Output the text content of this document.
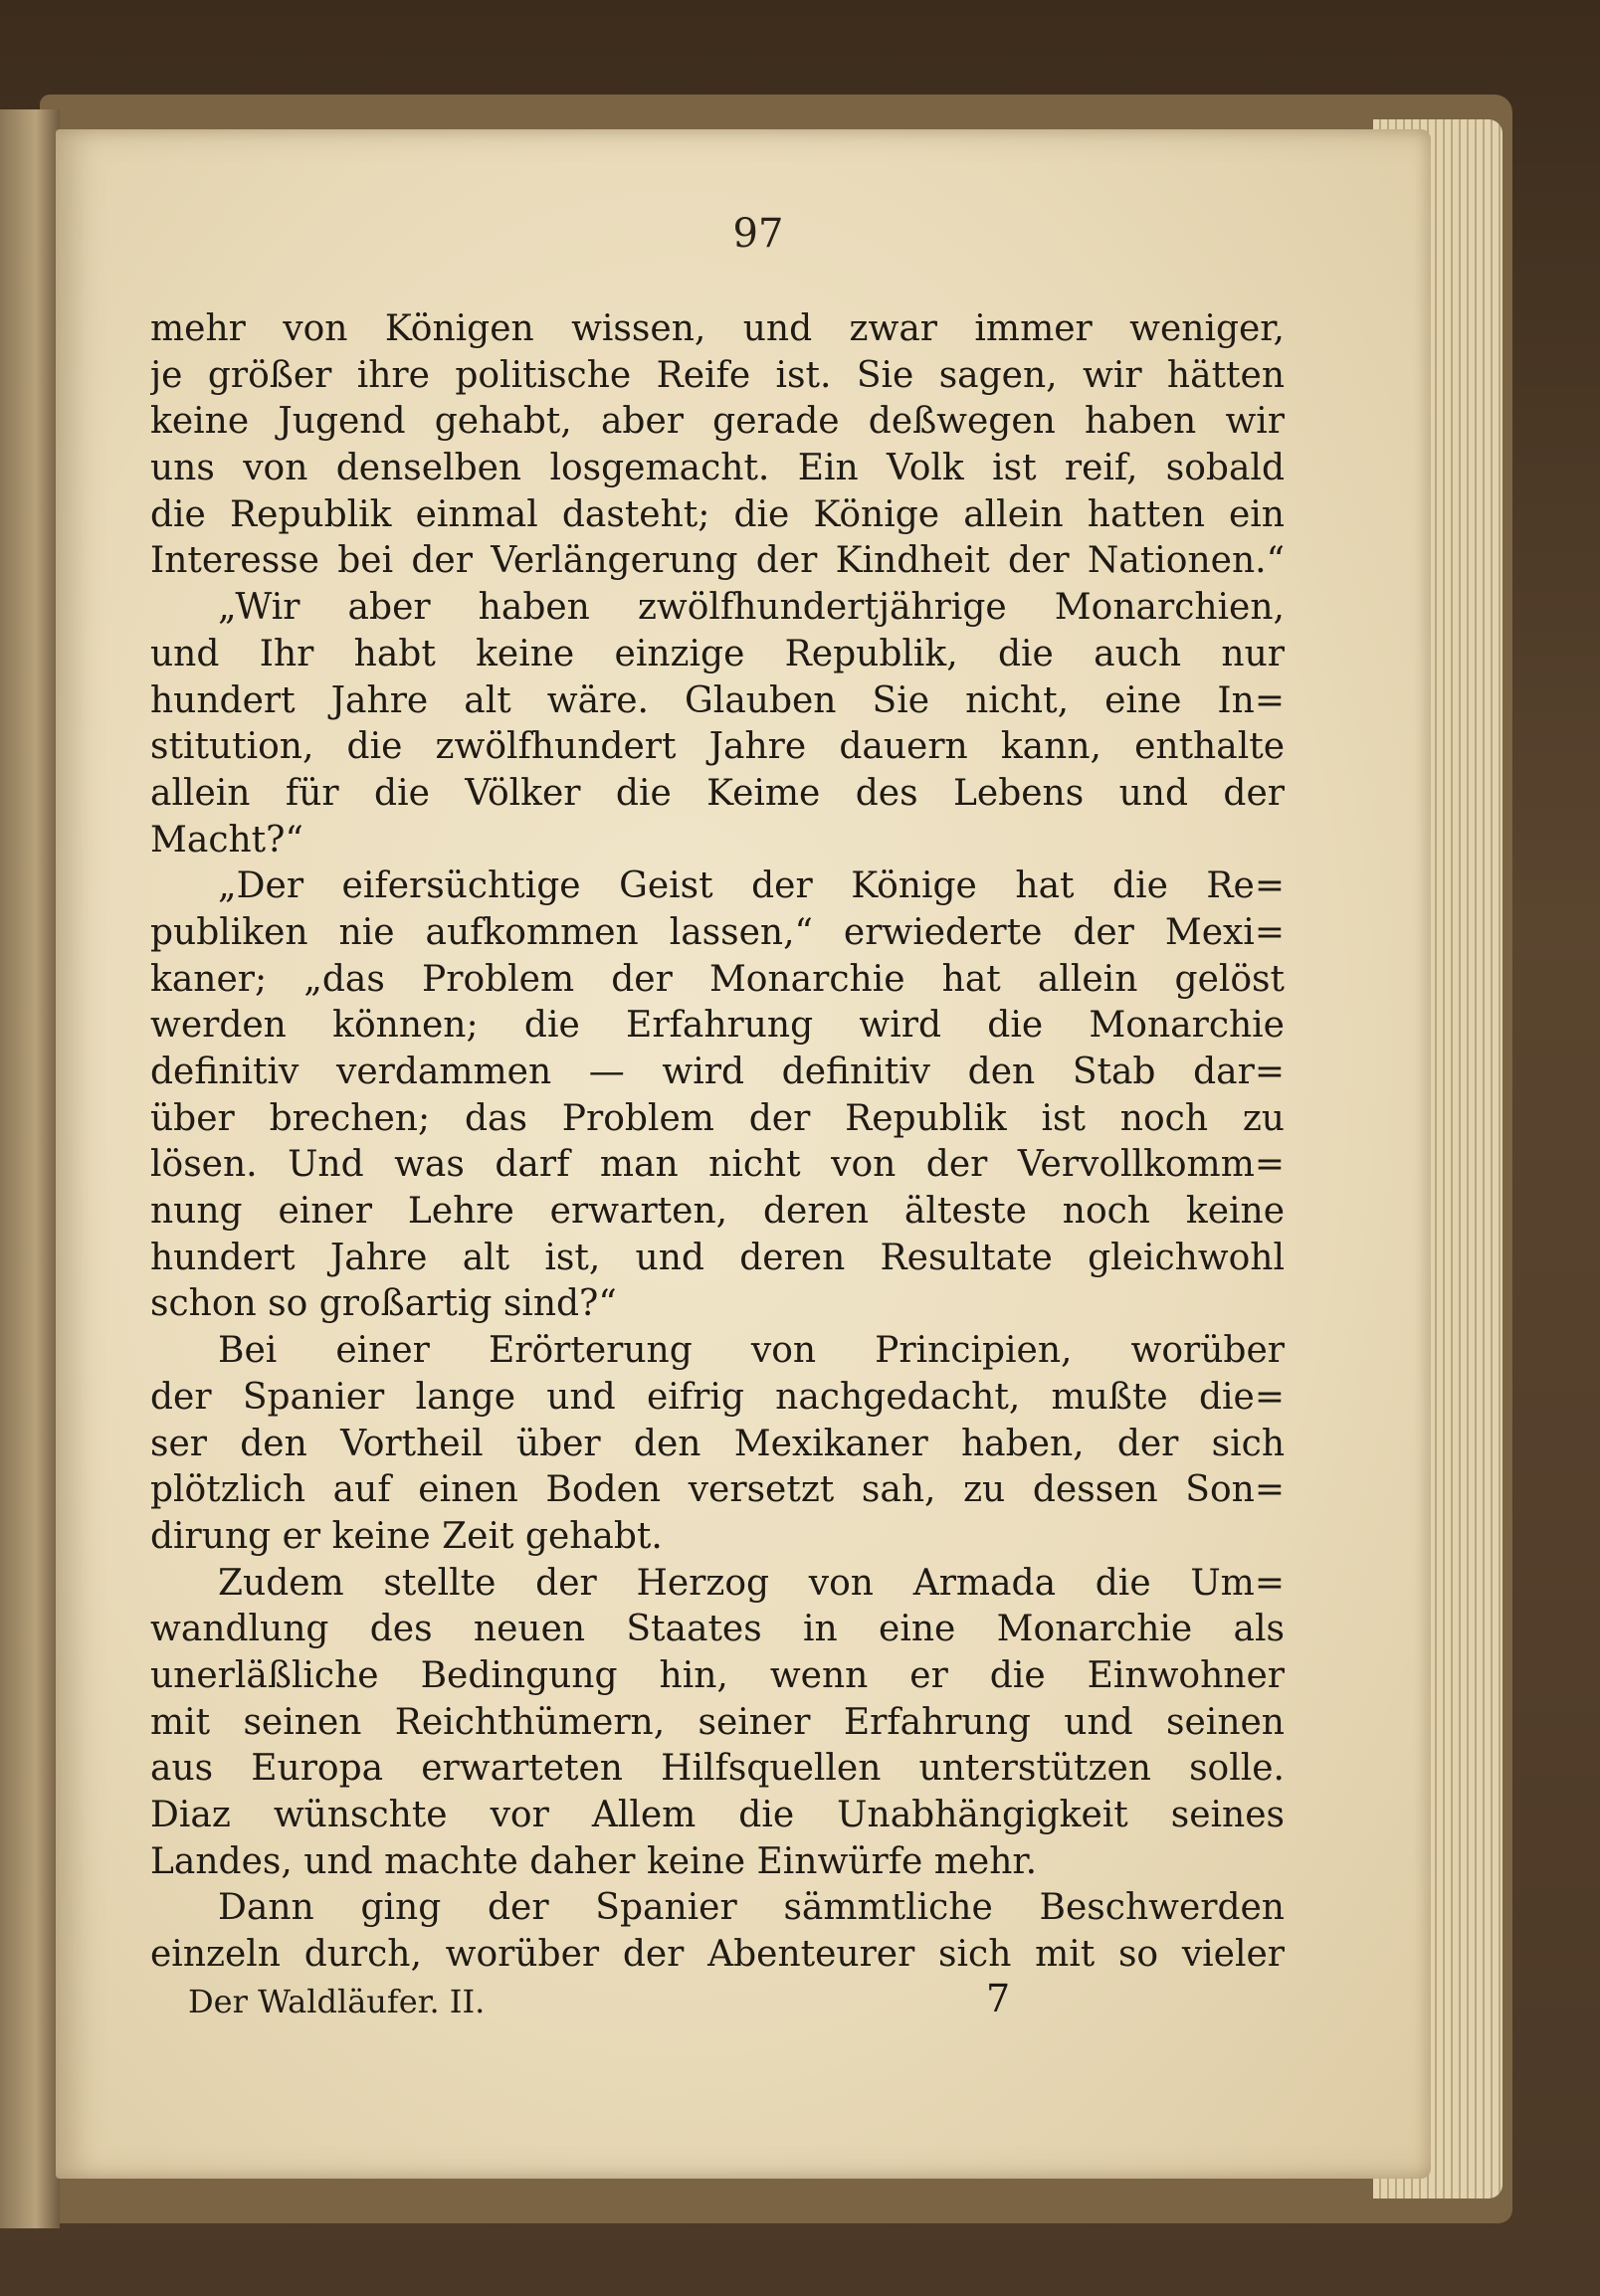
97
mehr von Königen wissen, und zwar immer weniger,
je größer ihre politische Reife ist. Sie sagen, wir hätten
keine Jugend gehabt, aber gerade deßwegen haben wir
uns von denselben losgemacht. Ein Volk ist reif, sobald
die Republik einmal dasteht; die Könige allein hatten ein
Interesse bei der Verlängerung der Kindheit der Nationen.“
„Wir aber haben zwölfhundertjährige Monarchien,
und Ihr habt keine einzige Republik, die auch nur
hundert Jahre alt wäre. Glauben Sie nicht, eine In=
stitution, die zwölfhundert Jahre dauern kann, enthalte
allein für die Völker die Keime des Lebens und der
Macht?“
„Der eifersüchtige Geist der Könige hat die Re=
publiken nie aufkommen lassen,“ erwiederte der Mexi=
kaner; „das Problem der Monarchie hat allein gelöst
werden können; die Erfahrung wird die Monarchie
definitiv verdammen — wird definitiv den Stab dar=
über brechen; das Problem der Republik ist noch zu
lösen. Und was darf man nicht von der Vervollkomm=
nung einer Lehre erwarten, deren älteste noch keine
hundert Jahre alt ist, und deren Resultate gleichwohl
schon so großartig sind?“
Bei einer Erörterung von Principien, worüber
der Spanier lange und eifrig nachgedacht, mußte die=
ser den Vortheil über den Mexikaner haben, der sich
plötzlich auf einen Boden versetzt sah, zu dessen Son=
dirung er keine Zeit gehabt.
Zudem stellte der Herzog von Armada die Um=
wandlung des neuen Staates in eine Monarchie als
unerläßliche Bedingung hin, wenn er die Einwohner
mit seinen Reichthümern, seiner Erfahrung und seinen
aus Europa erwarteten Hilfsquellen unterstützen solle.
Diaz wünschte vor Allem die Unabhängigkeit seines
Landes, und machte daher keine Einwürfe mehr.
Dann ging der Spanier sämmtliche Beschwerden
einzeln durch, worüber der Abenteurer sich mit so vieler
Der Waldläufer. II.	7
